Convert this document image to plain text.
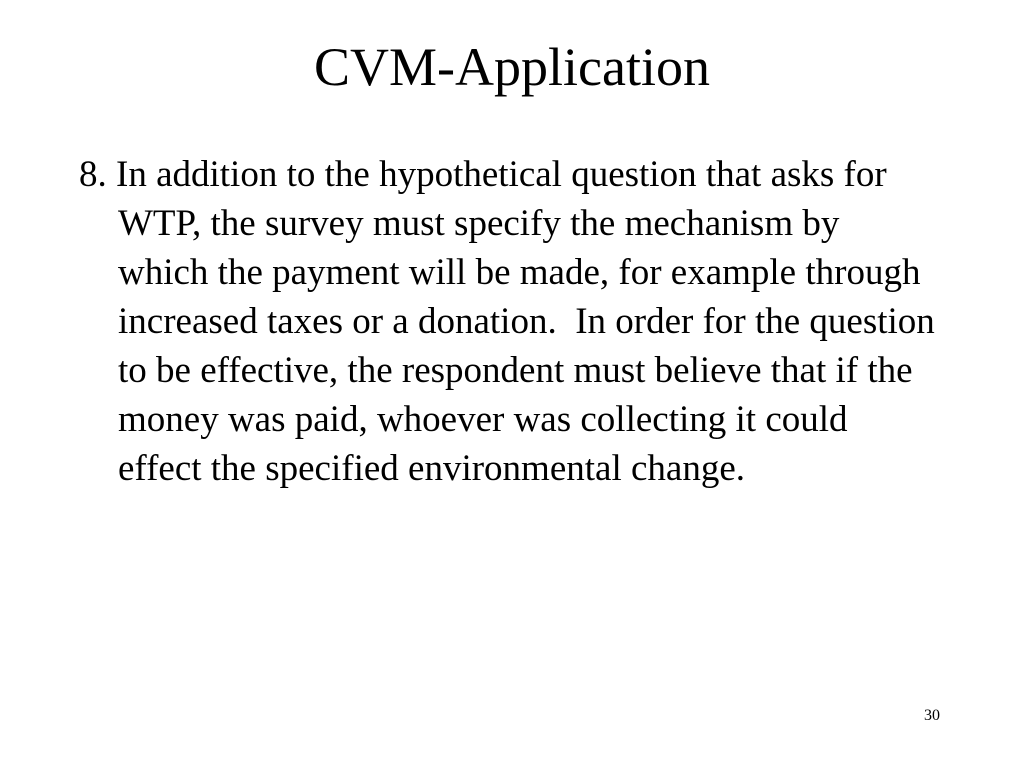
CVM-Application

8. In addition to the hypothetical question that asks for WTP, the survey must specify the mechanism by which the payment will be made, for example through increased taxes or a donation.  In order for the question to be effective, the respondent must believe that if the money was paid, whoever was collecting it could effect the specified environmental change.

30
